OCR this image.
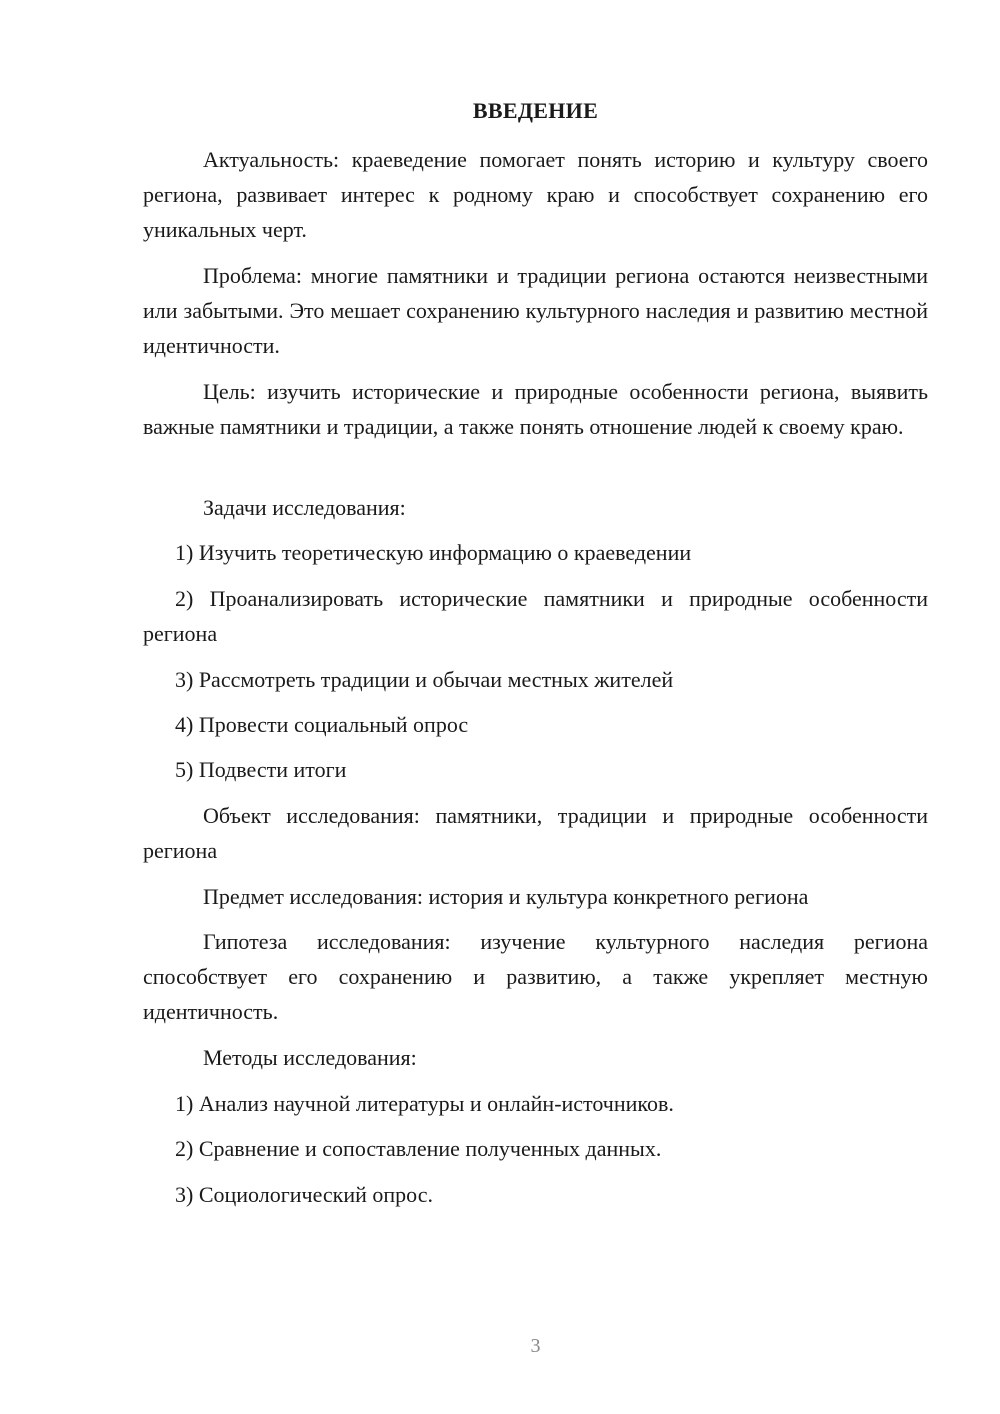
ВВЕДЕНИЕ

Актуальность: краеведение помогает понять историю и культуру своего региона, развивает интерес к родному краю и способствует сохранению его уникальных черт.

Проблема: многие памятники и традиции региона остаются неизвестными или забытыми. Это мешает сохранению культурного наследия и развитию местной идентичности.

Цель: изучить исторические и природные особенности региона, выявить важные памятники и традиции, а также понять отношение людей к своему краю.

Задачи исследования:

1) Изучить теоретическую информацию о краеведении

2) Проанализировать исторические памятники и природные особенности региона

3) Рассмотреть традиции и обычаи местных жителей

4) Провести социальный опрос

5) Подвести итоги

Объект исследования: памятники, традиции и природные особенности региона

Предмет исследования: история и культура конкретного региона

Гипотеза исследования: изучение культурного наследия региона способствует его сохранению и развитию, а также укрепляет местную идентичность.

Методы исследования:

1) Анализ научной литературы и онлайн-источников.

2) Сравнение и сопоставление полученных данных.

3) Социологический опрос.

3
